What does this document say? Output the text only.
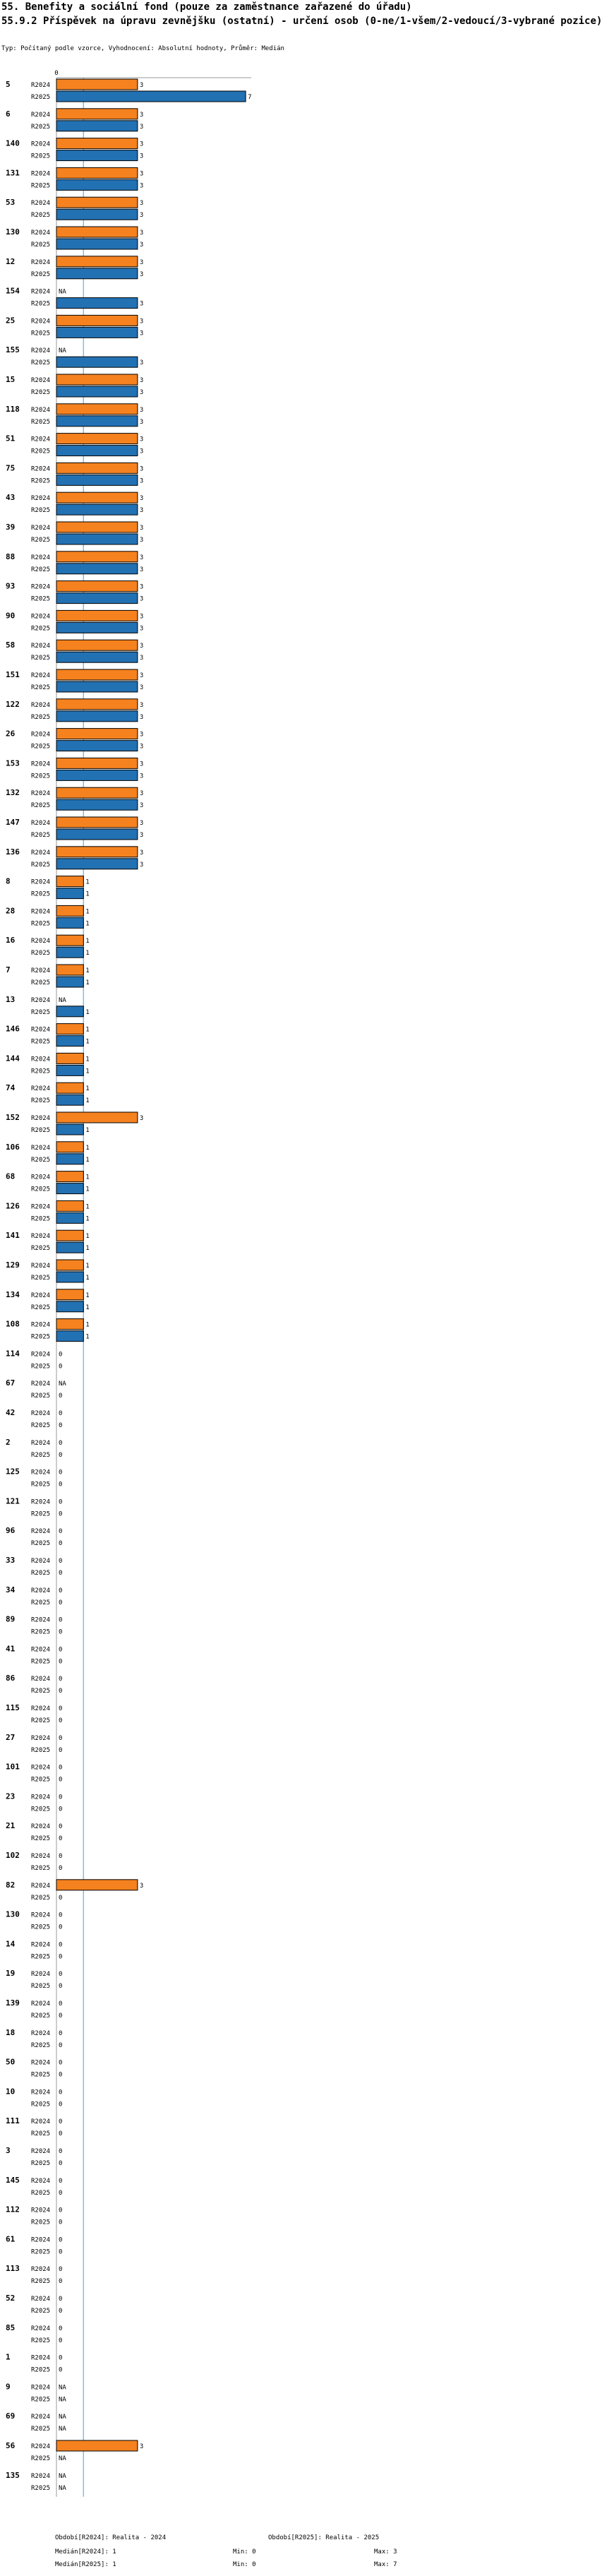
55. Benefity a sociální fond (pouze za zaměstnance zařazené do úřadu)
55.9.2 Příspěvek na úpravu zevnějšku (ostatní) - určení osob (0-ne/1-všem/2-vedoucí/3-vybrané pozice)
Typ: Počítaný podle vzorce, Vyhodnocení: Absolutní hodnoty, Průměr: Medián
0
5	R2024	3
R2025	7
6	R2024	3
R2025	3
140 R2024	3
R2025	3
131 R2024	3
R2025	3
53	R2024	3
R2025	3
130 R2024	3
R2025	3
12	R2024	3
R2025	3
154 R2024 NA
R2025	3
25	R2024	3
R2025	3
155 R2024 NA
R2025	3
15	R2024	3
R2025	3
118 R2024	3
R2025	3
51	R2024	3
R2025	3
75	R2024	3
R2025	3
43	R2024	3
R2025	3
39	R2024	3
R2025	3
88	R2024	3
R2025	3
93	R2024	3
R2025	3
90	R2024	3
R2025	3
58	R2024	3
R2025	3
151 R2024	3
R2025	3
122 R2024	3
R2025	3
26	R2024	3
R2025	3
153 R2024	3
R2025	3
132 R2024	3
R2025	3
147 R2024	3
R2025	3
136 R2024	3
R2025	3
8	R2024	1
R2025	1
28	R2024	1
R2025	1
16	R2024	1
R2025	1
7	R2024	1
R2025	1
13	R2024 NA
R2025	1
146 R2024	1
R2025	1
144 R2024	1
R2025	1
74	R2024	1
R2025	1
152 R2024	3
R2025	1
106 R2024	1
R2025	1
68	R2024	1
R2025	1
126 R2024	1
R2025	1
141 R2024	1
R2025	1
129 R2024	1
R2025	1
134 R2024	1
R2025	1
108 R2024	1
R2025	1
114 R2024 0
R2025 0
67	R2024 NA
R2025 0
42	R2024 0
R2025 0
2	R2024 0
R2025 0
125 R2024 0
R2025 0
121 R2024 0
R2025 0
96	R2024 0
R2025 0
33	R2024 0
R2025 0
34	R2024 0
R2025 0
89	R2024 0
R2025 0
41	R2024 0
R2025 0
86	R2024 0
R2025 0
115 R2024 0
R2025 0
27	R2024 0
R2025 0
101 R2024 0
R2025 0
23	R2024 0
R2025 0
21	R2024 0
R2025 0
102 R2024 0
R2025 0
82	R2024	3
R2025 0
130 R2024 0
R2025 0
14	R2024 0
R2025 0
19	R2024 0
R2025 0
139 R2024 0
R2025 0
18	R2024 0
R2025 0
50	R2024 0
R2025 0
10	R2024 0
R2025 0
111 R2024 0
R2025 0
3	R2024 0
R2025 0
145 R2024 0
R2025 0
112 R2024 0
R2025 0
61	R2024 0
R2025 0
113 R2024 0
R2025 0
52	R2024 0
R2025 0
85	R2024 0
R2025 0
1	R2024 0
R2025 0
9	R2024 NA
R2025 NA
69	R2024 NA
R2025 NA
56	R2024	3
R2025 NA
135 R2024 NA
R2025 NA
Období[R2024]: Realita - 2024	Období[R2025]: Realita - 2025
Medián[R2024]: 1	Min: 0	Max: 3
Medián[R2025]: 1	Min: 0	Max: 7
